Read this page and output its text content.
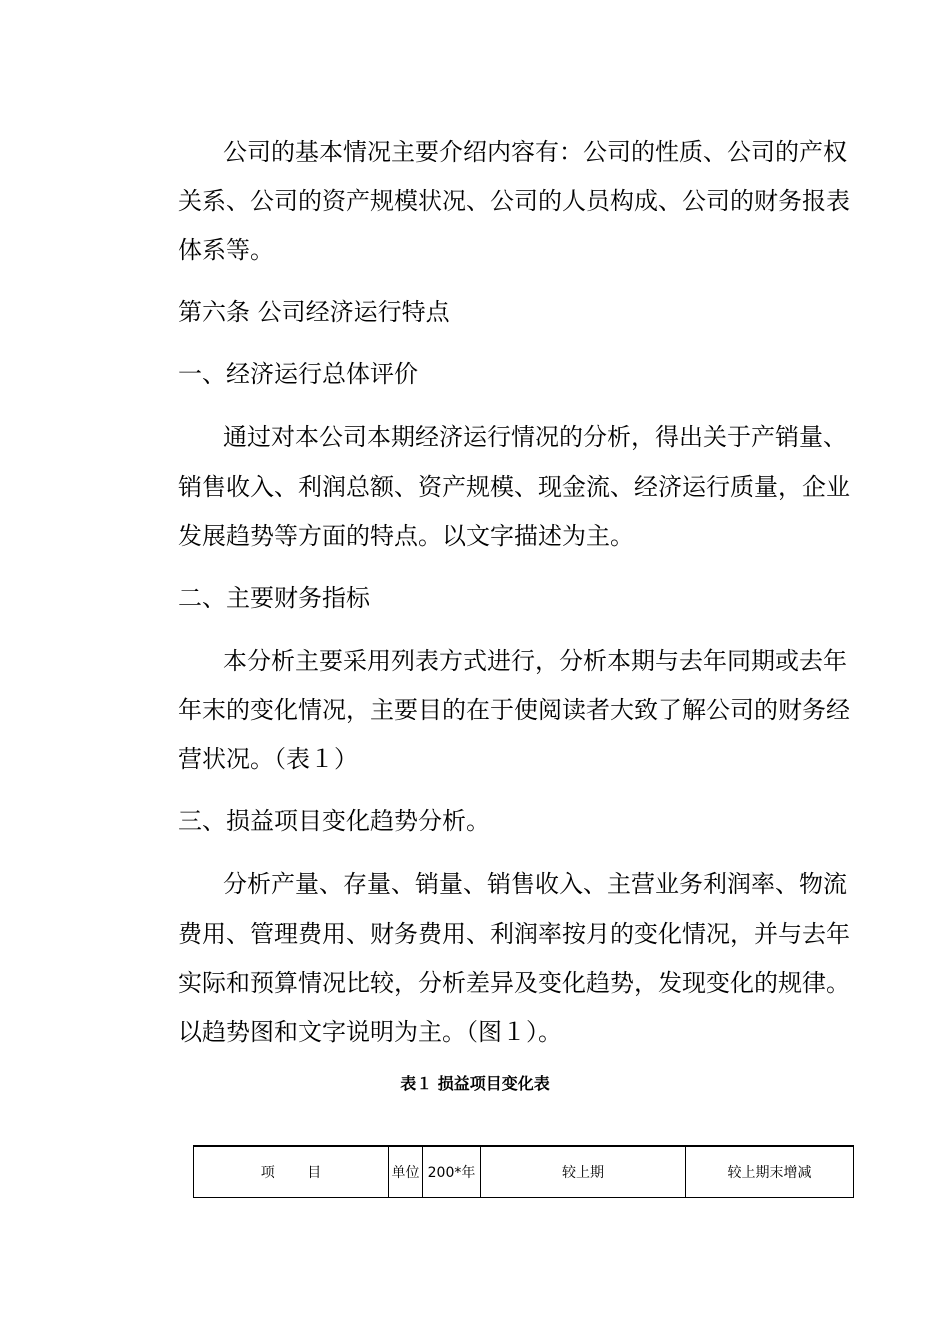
公司的基本情况主要介绍内容有：公司的性质、公司的产权
关系、公司的资产规模状况、公司的人员构成、公司的财务报表
体系等。
第六条 公司经济运行特点
一、经济运行总体评价
通过对本公司本期经济运行情况的分析，得出关于产销量、
销售收入、利润总额、资产规模、现金流、经济运行质量，企业
发展趋势等方面的特点。以文字描述为主。
二、主要财务指标
本分析主要采用列表方式进行，分析本期与去年同期或去年
年末的变化情况，主要目的在于使阅读者大致了解公司的财务经
营状况。（表１）
三、损益项目变化趋势分析。
分析产量、存量、销量、销售收入、主营业务利润率、物流
费用、管理费用、财务费用、利润率按月的变化情况，并与去年
实际和预算情况比较，分析差异及变化趋势，发现变化的规律。
以趋势图和文字说明为主。（图１）。
表１ 损益项目变化表
项 目	单位	200*年	较上期	较上期末增减
